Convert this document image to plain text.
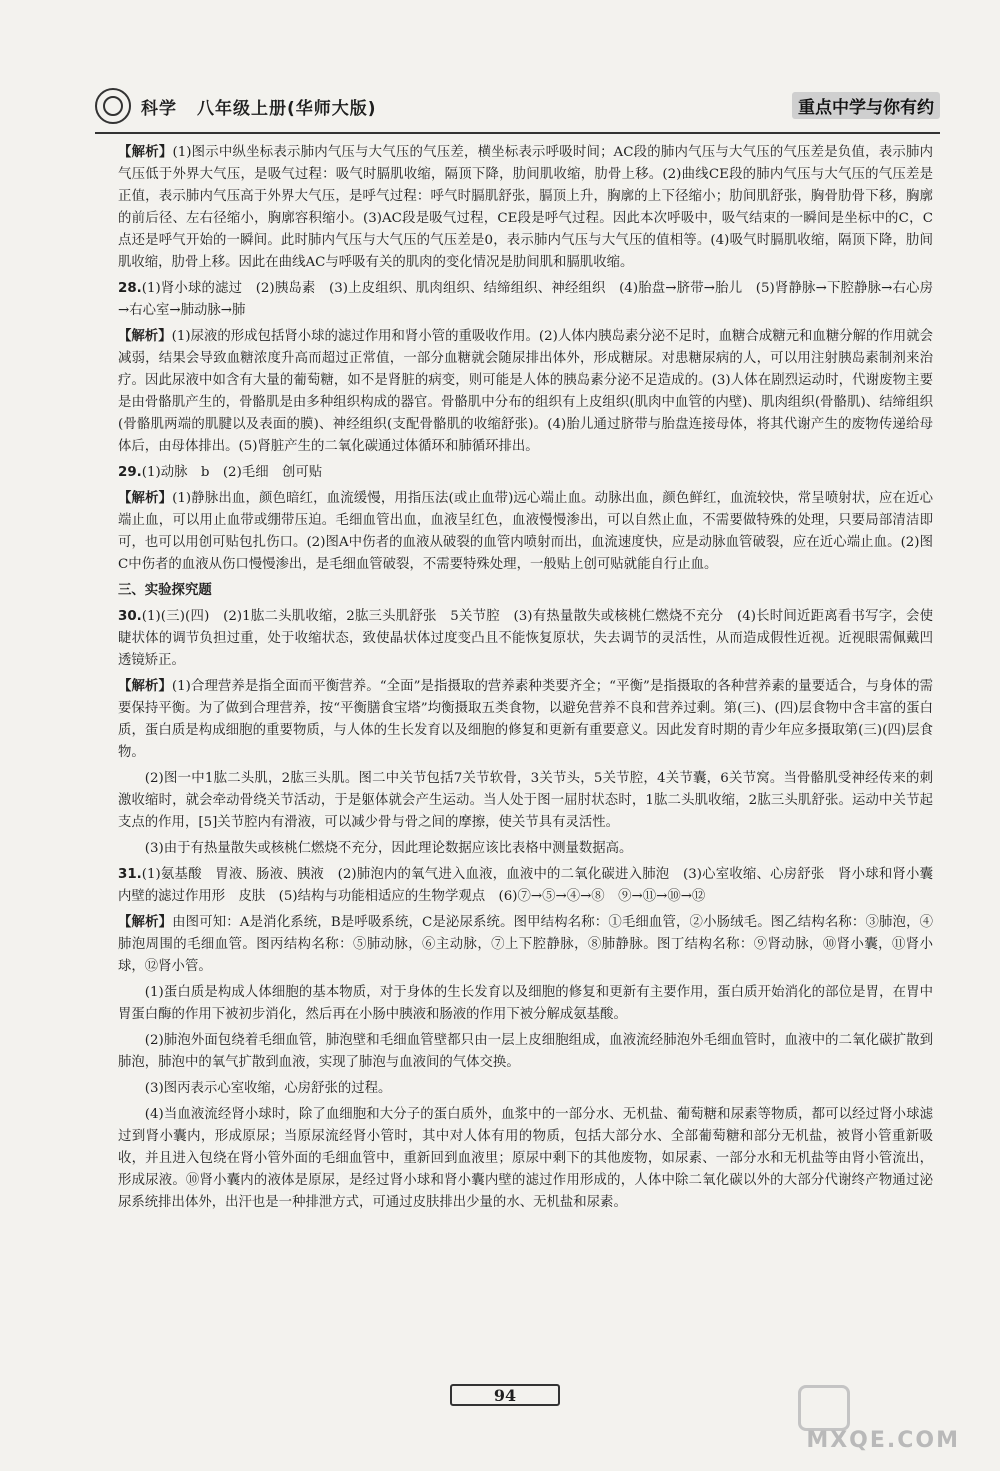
科学 八年级上册(华师大版)	重点中学与你有约

【解析】(1)图示中纵坐标表示肺内气压与大气压的气压差，横坐标表示呼吸时间；AC段的肺内气压与大气压的气压差是负值，表示肺内气压低于外界大气压，是吸气过程：吸气时膈肌收缩，隔顶下降，肋间肌收缩，肋骨上移。(2)曲线CE段的肺内气压与大气压的气压差是正值，表示肺内气压高于外界大气压，是呼气过程：呼气时膈肌舒张，膈顶上升，胸廓的上下径缩小；肋间肌舒张，胸骨肋骨下移，胸廓的前后径、左右径缩小，胸廓容积缩小。(3)AC段是吸气过程，CE段是呼气过程。因此本次呼吸中，吸气结束的一瞬间是坐标中的C，C点还是呼气开始的一瞬间。此时肺内气压与大气压的气压差是0，表示肺内气压与大气压的值相等。(4)吸气时膈肌收缩，隔顶下降，肋间肌收缩，肋骨上移。因此在曲线AC与呼吸有关的肌肉的变化情况是肋间肌和膈肌收缩。

28.(1)肾小球的滤过　(2)胰岛素　(3)上皮组织、肌肉组织、结缔组织、神经组织　(4)胎盘→脐带→胎儿　(5)肾静脉→下腔静脉→右心房→右心室→肺动脉→肺

【解析】(1)尿液的形成包括肾小球的滤过作用和肾小管的重吸收作用。(2)人体内胰岛素分泌不足时，血糖合成糖元和血糖分解的作用就会减弱，结果会导致血糖浓度升高而超过正常值，一部分血糖就会随尿排出体外，形成糖尿。对患糖尿病的人，可以用注射胰岛素制剂来治疗。因此尿液中如含有大量的葡萄糖，如不是肾脏的病变，则可能是人体的胰岛素分泌不足造成的。(3)人体在剧烈运动时，代谢废物主要是由骨骼肌产生的，骨骼肌是由多种组织构成的器官。骨骼肌中分布的组织有上皮组织(肌肉中血管的内壁)、肌肉组织(骨骼肌)、结缔组织(骨骼肌两端的肌腱以及表面的膜)、神经组织(支配骨骼肌的收缩舒张)。(4)胎儿通过脐带与胎盘连接母体，将其代谢产生的废物传递给母体后，由母体排出。(5)肾脏产生的二氧化碳通过体循环和肺循环排出。

29.(1)动脉　b　(2)毛细　创可贴

【解析】(1)静脉出血，颜色暗红，血流缓慢，用指压法(或止血带)远心端止血。动脉出血，颜色鲜红，血流较快，常呈喷射状，应在近心端止血，可以用止血带或绷带压迫。毛细血管出血，血液呈红色，血液慢慢渗出，可以自然止血，不需要做特殊的处理，只要局部清洁即可，也可以用创可贴包扎伤口。(2)图A中伤者的血液从破裂的血管内喷射而出，血流速度快，应是动脉血管破裂，应在近心端止血。(2)图C中伤者的血液从伤口慢慢渗出，是毛细血管破裂，不需要特殊处理，一般贴上创可贴就能自行止血。

三、实验探究题

30.(1)(三)(四)　(2)1肱二头肌收缩，2肱三头肌舒张　5关节腔　(3)有热量散失或核桃仁燃烧不充分　(4)长时间近距离看书写字，会使睫状体的调节负担过重，处于收缩状态，致使晶状体过度变凸且不能恢复原状，失去调节的灵活性，从而造成假性近视。近视眼需佩戴凹透镜矫正。

【解析】(1)合理营养是指全面而平衡营养。“全面”是指摄取的营养素种类要齐全；“平衡”是指摄取的各种营养素的量要适合，与身体的需要保持平衡。为了做到合理营养，按“平衡膳食宝塔”均衡摄取五类食物，以避免营养不良和营养过剩。第(三)、(四)层食物中含丰富的蛋白质，蛋白质是构成细胞的重要物质，与人体的生长发育以及细胞的修复和更新有重要意义。因此发育时期的青少年应多摄取第(三)(四)层食物。

(2)图一中1肱二头肌，2肱三头肌。图二中关节包括7关节软骨，3关节头，5关节腔，4关节囊，6关节窝。当骨骼肌受神经传来的刺激收缩时，就会牵动骨绕关节活动，于是躯体就会产生运动。当人处于图一屈肘状态时，1肱二头肌收缩，2肱三头肌舒张。运动中关节起支点的作用，[5]关节腔内有滑液，可以减少骨与骨之间的摩擦，使关节具有灵活性。

(3)由于有热量散失或核桃仁燃烧不充分，因此理论数据应该比表格中测量数据高。

31.(1)氨基酸　胃液、肠液、胰液　(2)肺泡内的氧气进入血液，血液中的二氧化碳进入肺泡　(3)心室收缩、心房舒张　肾小球和肾小囊内壁的滤过作用形　皮肤　(5)结构与功能相适应的生物学观点　(6)⑦→⑤→④→⑧　⑨→⑪→⑩→⑫

【解析】由图可知：A是消化系统，B是呼吸系统，C是泌尿系统。图甲结构名称：①毛细血管，②小肠绒毛。图乙结构名称：③肺泡，④肺泡周围的毛细血管。图丙结构名称：⑤肺动脉，⑥主动脉，⑦上下腔静脉，⑧肺静脉。图丁结构名称：⑨肾动脉，⑩肾小囊，⑪肾小球，⑫肾小管。

(1)蛋白质是构成人体细胞的基本物质，对于身体的生长发育以及细胞的修复和更新有主要作用，蛋白质开始消化的部位是胃，在胃中胃蛋白酶的作用下被初步消化，然后再在小肠中胰液和肠液的作用下被分解成氨基酸。

(2)肺泡外面包绕着毛细血管，肺泡壁和毛细血管壁都只由一层上皮细胞组成，血液流经肺泡外毛细血管时，血液中的二氧化碳扩散到肺泡，肺泡中的氧气扩散到血液，实现了肺泡与血液间的气体交换。

(3)图丙表示心室收缩，心房舒张的过程。

(4)当血液流经肾小球时，除了血细胞和大分子的蛋白质外，血浆中的一部分水、无机盐、葡萄糖和尿素等物质，都可以经过肾小球滤过到肾小囊内，形成原尿；当原尿流经肾小管时，其中对人体有用的物质，包括大部分水、全部葡萄糖和部分无机盐，被肾小管重新吸收，并且进入包绕在肾小管外面的毛细血管中，重新回到血液里；原尿中剩下的其他废物，如尿素、一部分水和无机盐等由肾小管流出，形成尿液。⑩肾小囊内的液体是原尿，是经过肾小球和肾小囊内壁的滤过作用形成的，人体中除二氧化碳以外的大部分代谢终产物通过泌尿系统排出体外，出汗也是一种排泄方式，可通过皮肤排出少量的水、无机盐和尿素。

94
MXQE.COM
